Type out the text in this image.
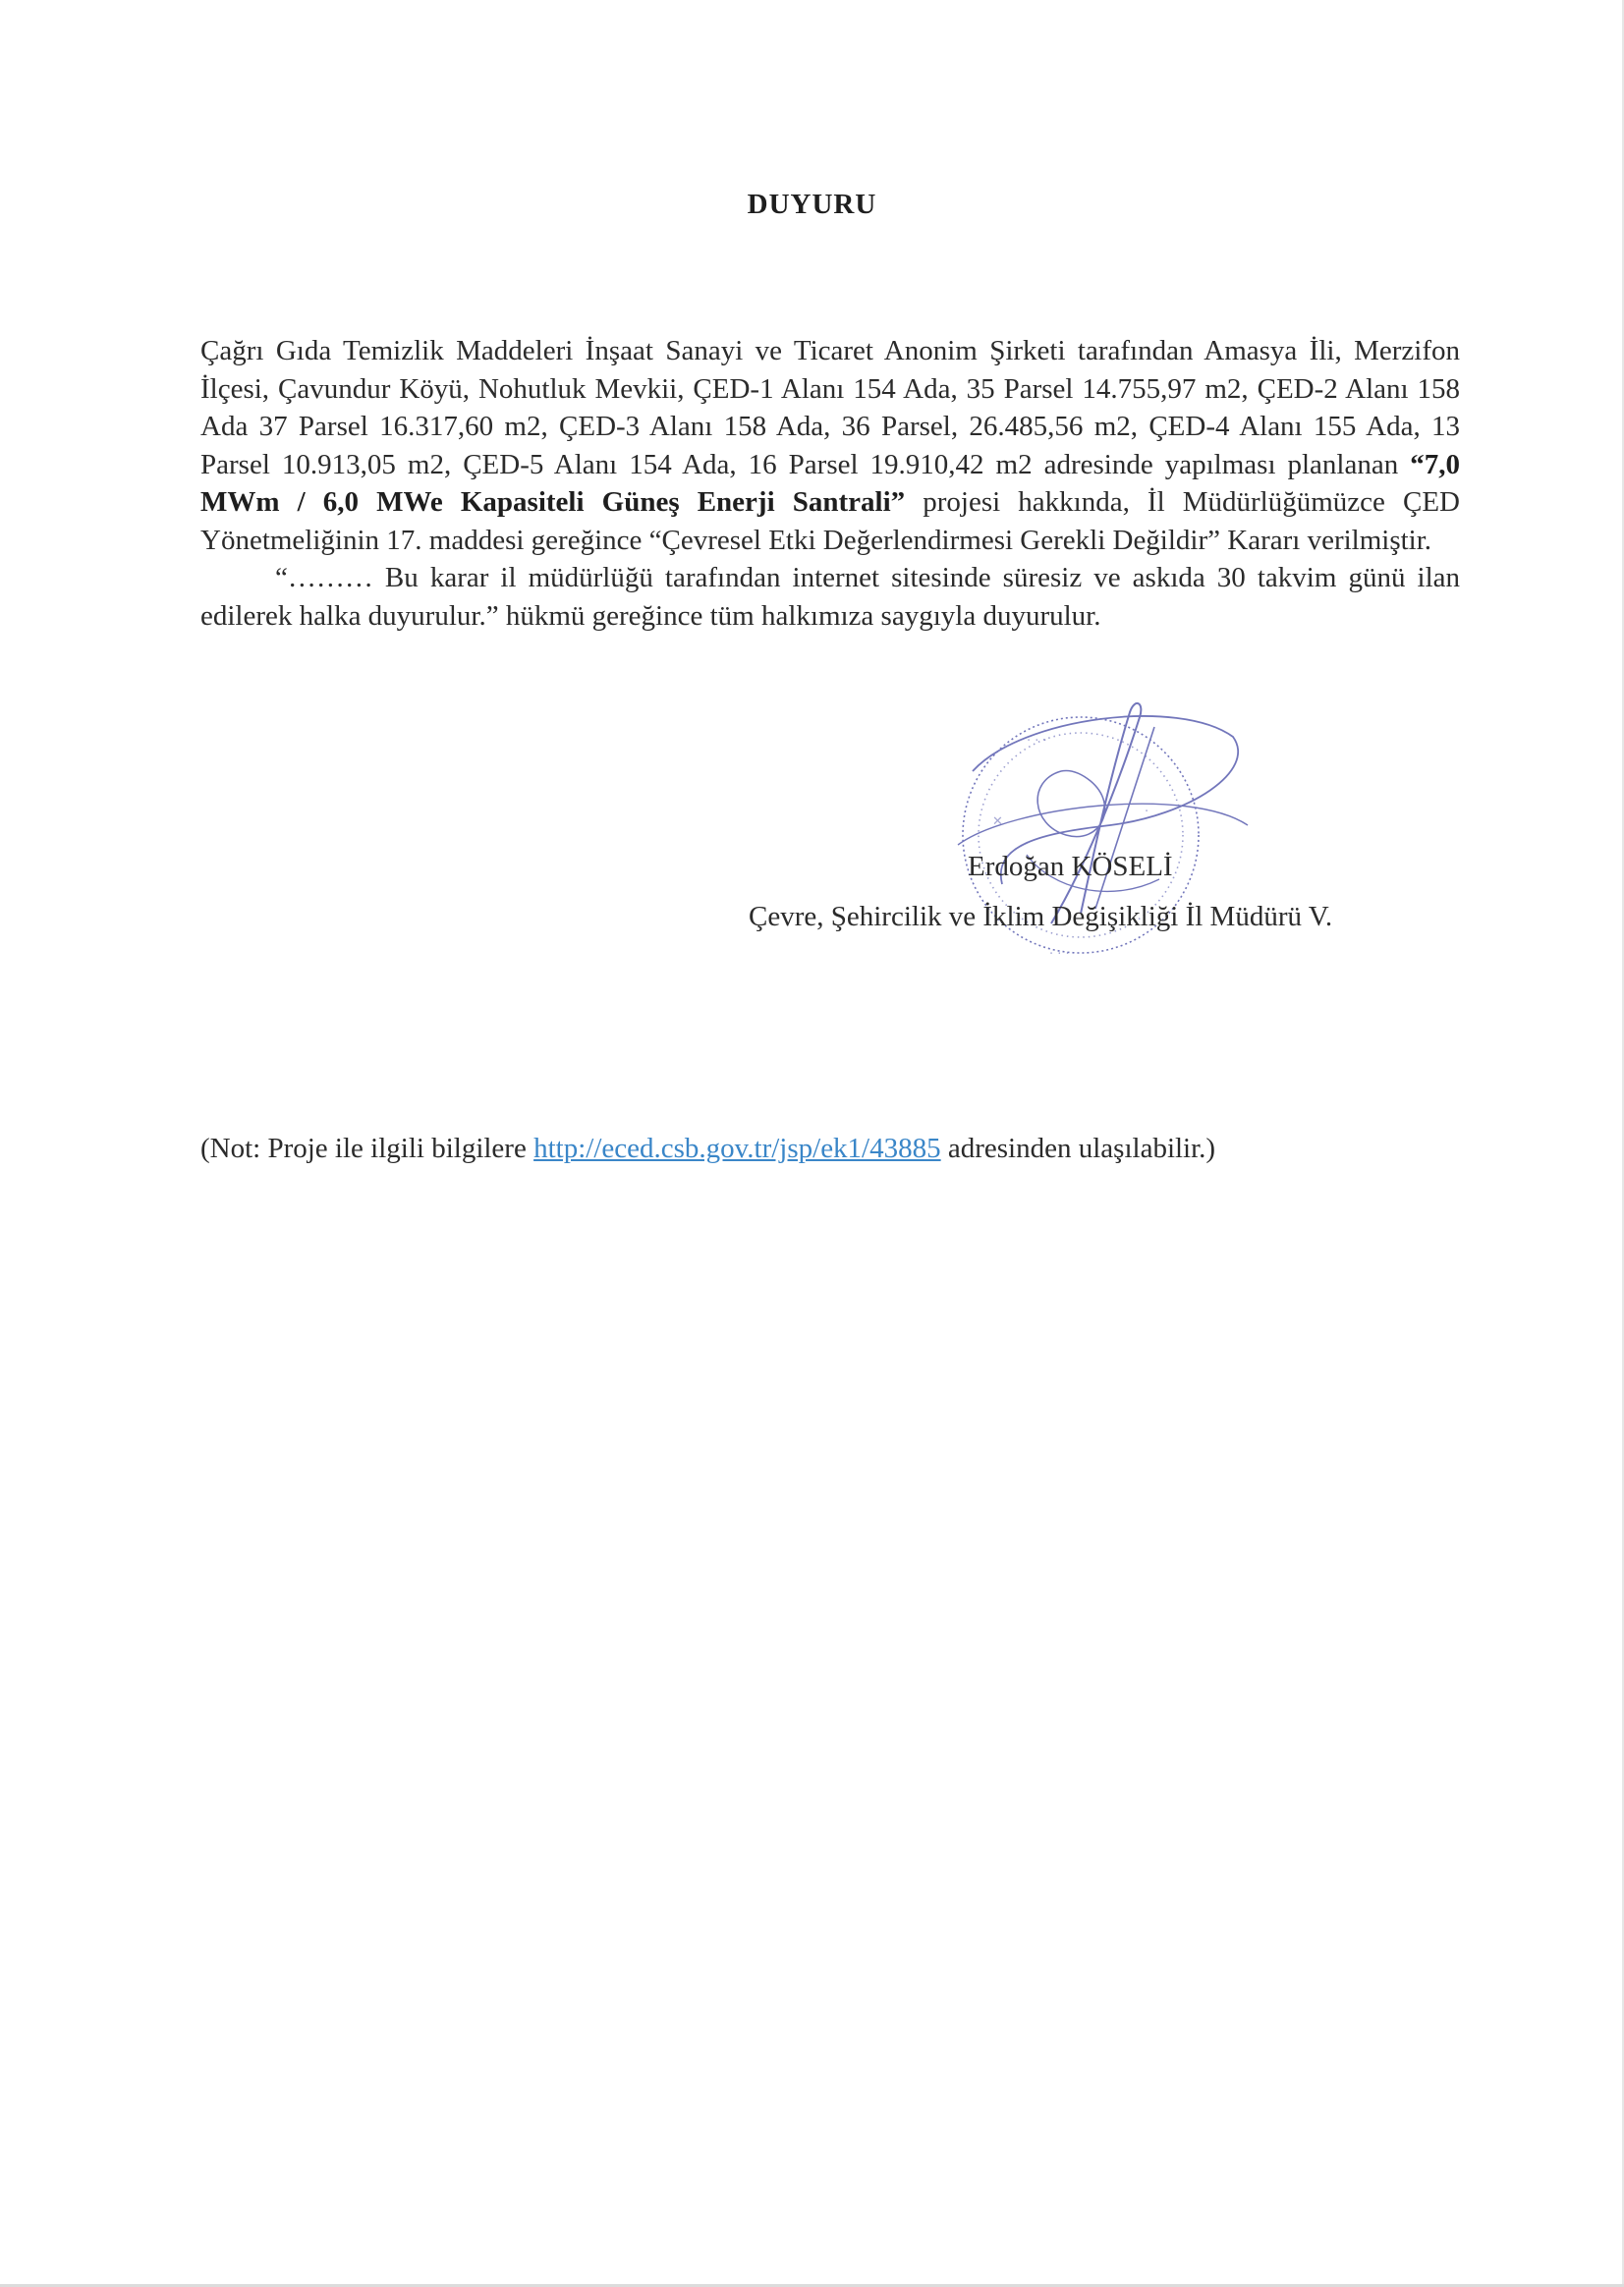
DUYURU

Çağrı Gıda Temizlik Maddeleri İnşaat Sanayi ve Ticaret Anonim Şirketi tarafından Amasya İli, Merzifon İlçesi, Çavundur Köyü, Nohutluk Mevkii, ÇED-1 Alanı 154 Ada, 35 Parsel 14.755,97 m2, ÇED-2 Alanı 158 Ada 37 Parsel 16.317,60 m2, ÇED-3 Alanı 158 Ada, 36 Parsel, 26.485,56 m2, ÇED-4 Alanı 155 Ada, 13 Parsel 10.913,05 m2, ÇED-5 Alanı 154 Ada, 16 Parsel 19.910,42 m2 adresinde yapılması planlanan “7,0 MWm / 6,0 MWe Kapasiteli Güneş Enerji Santrali” projesi hakkında, İl Müdürlüğümüzce ÇED Yönetmeliğinin 17. maddesi gereğince “Çevresel Etki Değerlendirmesi Gerekli Değildir” Kararı verilmiştir.

“……… Bu karar il müdürlüğü tarafından internet sitesinde süresiz ve askıda 30 takvim günü ilan edilerek halka duyurulur.” hükmü gereğince tüm halkımıza saygıyla duyurulur.

· · ·
✕
·
· · ·
Erdoğan KÖSELİ
Çevre, Şehircilik ve İklim Değişikliği İl Müdürü V.
(Not: Proje ile ilgili bilgilere http://eced.csb.gov.tr/jsp/ek1/43885 adresinden ulaşılabilir.)
